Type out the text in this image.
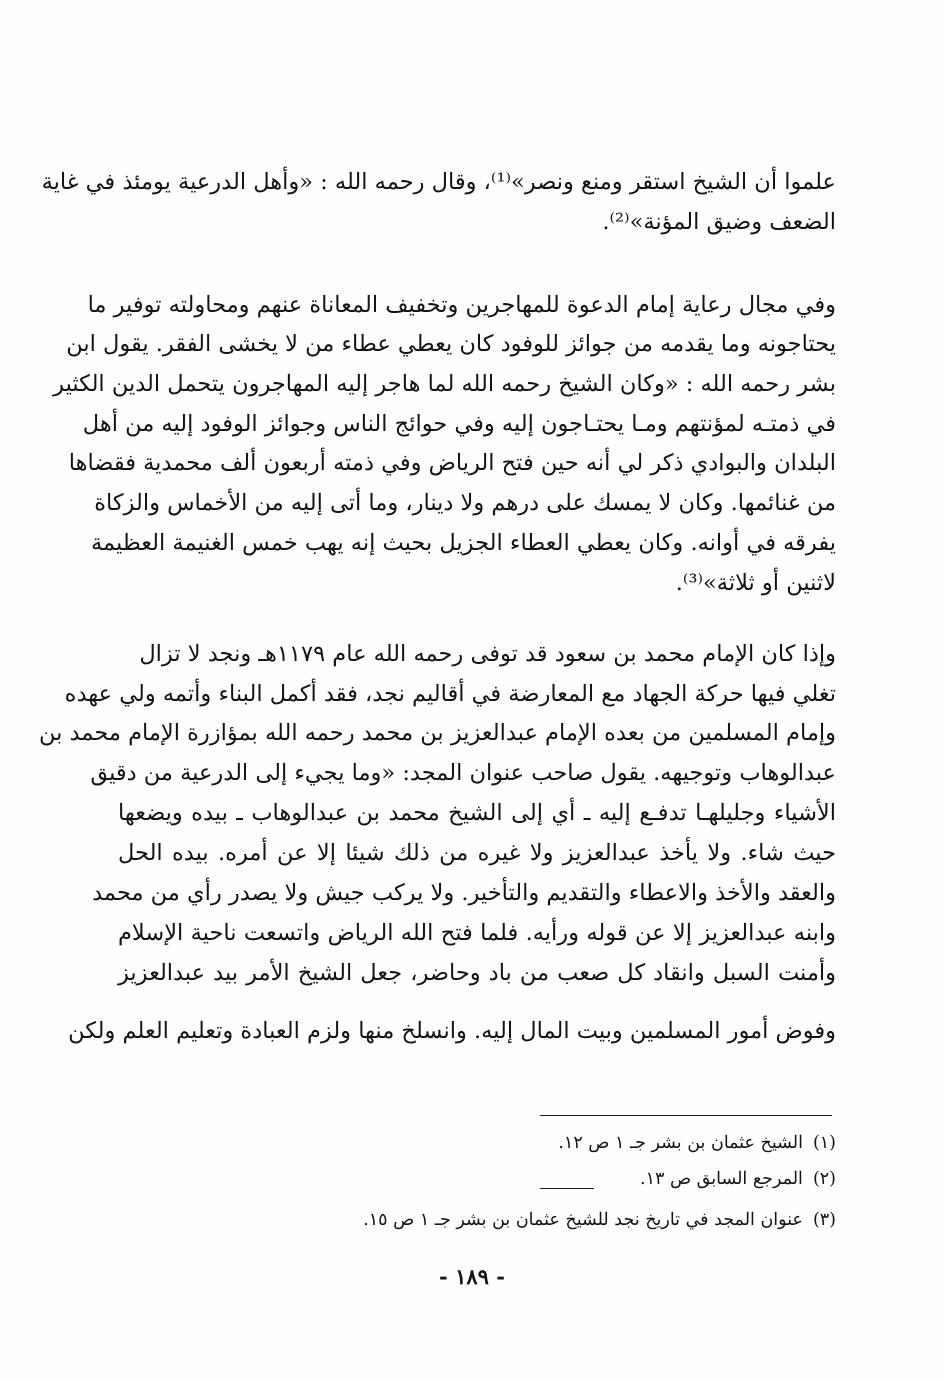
علموا أن الشيخ استقر ومنع ونصر»⁽¹⁾، وقال رحمه الله : «وأهل الدرعية يومئذ في غاية
الضعف وضيق المؤنة»⁽²⁾.
وفي مجال رعاية إمام الدعوة للمهاجرين وتخفيف المعاناة عنهم ومحاولته توفير ما
يحتاجونه وما يقدمه من جوائز للوفود كان يعطي عطاء من لا يخشى الفقر. يقول ابن
بشر رحمه الله : «وكان الشيخ رحمه الله لما هاجر إليه المهاجرون يتحمل الدين الكثير
في ذمتـه لمؤنتهم ومـا يحتـاجون إليه وفي حوائج الناس وجوائز الوفود إليه من أهل
البلدان والبوادي ذكر لي أنه حين فتح الرياض وفي ذمته أربعون ألف محمدية فقضاها
من غنائمها. وكان لا يمسك على درهم ولا دينار، وما أتى إليه من الأخماس والزكاة
يفرقه في أوانه. وكان يعطي العطاء الجزيل بحيث إنه يهب خمس الغنيمة العظيمة
لاثنين أو ثلاثة»⁽³⁾.
وإذا كان الإمام محمد بن سعود قد توفى رحمه الله عام ١١٧٩هـ ونجد لا تزال
تغلي فيها حركة الجهاد مع المعارضة في أقاليم نجد، فقد أكمل البناء وأتمه ولي عهده
وإمام المسلمين من بعده الإمام عبدالعزيز بن محمد رحمه الله بمؤازرة الإمام محمد بن
عبدالوهاب وتوجيهه. يقول صاحب عنوان المجد: «وما يجيء إلى الدرعية من دقيق
الأشياء وجليلهـا تدفـع إليه ـ أي إلى الشيخ محمد بن عبدالوهاب ـ بيده ويضعها
حيث شاء. ولا يأخذ عبدالعزيز ولا غيره من ذلك شيئا إلا عن أمره. بيده الحل
والعقد والأخذ والاعطاء والتقديم والتأخير. ولا يركب جيش ولا يصدر رأي من محمد
وابنه عبدالعزيز إلا عن قوله ورأيه. فلما فتح الله الرياض واتسعت ناحية الإسلام
وأمنت السبل وانقاد كل صعب من باد وحاضر، جعل الشيخ الأمر بيد عبدالعزيز
وفوض أمور المسلمين وبيت المال إليه. وانسلخ منها ولزم العبادة وتعليم العلم ولكن
(١)الشيخ عثمان بن بشر جـ ١ ص ١٢.
(٢)المرجع السابق ص ١٣.
(٣)عنوان المجد في تاريخ نجد للشيخ عثمان بن بشر جـ ١ ص ١٥.
- ١٨٩ -
